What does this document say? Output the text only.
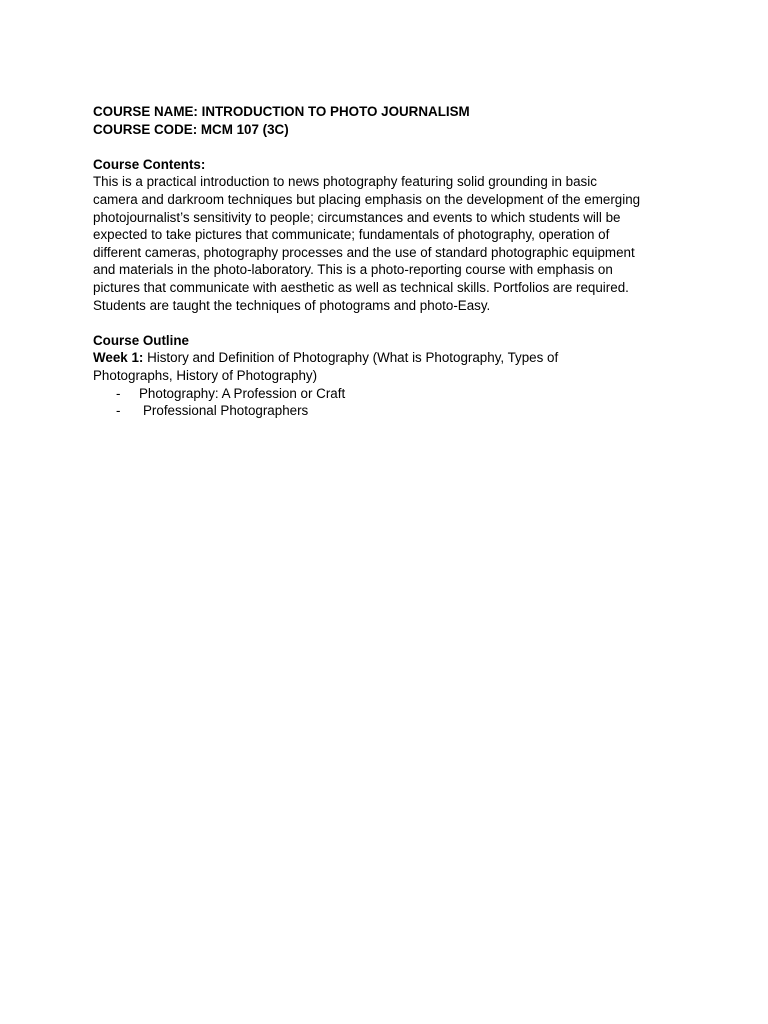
COURSE NAME: INTRODUCTION TO PHOTO JOURNALISM
COURSE CODE: MCM 107 (3C)
Course Contents:
This is a practical introduction to news photography featuring solid grounding in basic
camera and darkroom techniques but placing emphasis on the development of the emerging
photojournalist’s sensitivity to people; circumstances and events to which students will be
expected to take pictures that communicate; fundamentals of photography, operation of
different cameras, photography processes and the use of standard photographic equipment
and materials in the photo-laboratory. This is a photo-reporting course with emphasis on
pictures that communicate with aesthetic as well as technical skills. Portfolios are required.
Students are taught the techniques of photograms and photo-Easy.
Course Outline
Week 1: History and Definition of Photography (What is Photography, Types of
Photographs, History of Photography)
- Photography: A Profession or Craft
- Professional Photographers
